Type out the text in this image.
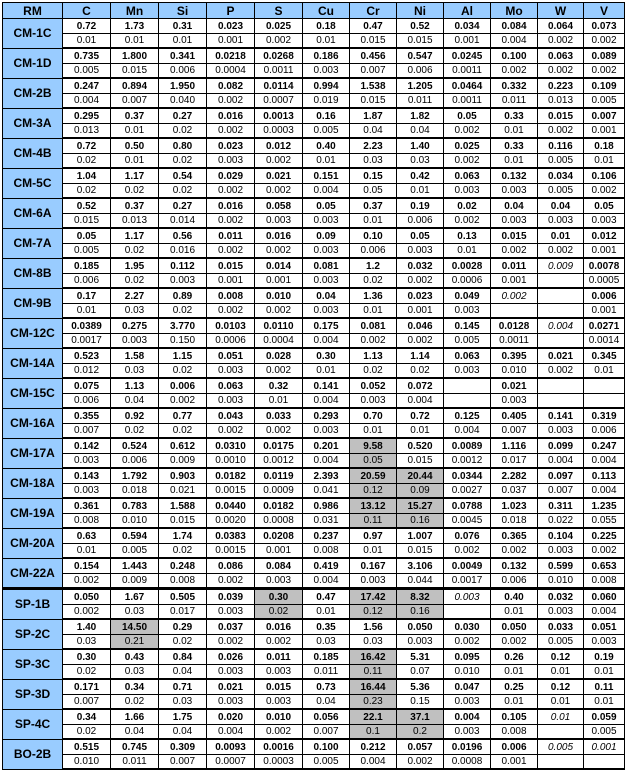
RM	C	Mn	Si	P	S	Cu	Cr	Ni	Al	Mo	W	V
CM-1C	0.72	1.73	0.31	0.023	0.025	0.18	0.47	0.52	0.034	0.084	0.064	0.073
	0.01	0.01	0.01	0.001	0.002	0.01	0.015	0.015	0.001	0.004	0.002	0.002
CM-1D	0.735	1.800	0.341	0.0218	0.0268	0.186	0.456	0.547	0.0245	0.100	0.063	0.089
	0.005	0.015	0.006	0.0004	0.0011	0.003	0.007	0.006	0.0011	0.002	0.002	0.002
CM-2B	0.247	0.894	1.950	0.082	0.0114	0.994	1.538	1.205	0.0464	0.332	0.223	0.109
	0.004	0.007	0.040	0.002	0.0007	0.019	0.015	0.011	0.0011	0.011	0.013	0.005
CM-3A	0.295	0.37	0.27	0.016	0.0013	0.16	1.87	1.82	0.05	0.33	0.015	0.007
	0.013	0.01	0.02	0.002	0.0003	0.005	0.04	0.04	0.002	0.01	0.002	0.001
CM-4B	0.72	0.50	0.80	0.023	0.012	0.40	2.23	1.40	0.025	0.33	0.116	0.18
	0.02	0.01	0.02	0.003	0.002	0.01	0.03	0.03	0.002	0.01	0.005	0.01
CM-5C	1.04	1.17	0.54	0.029	0.021	0.151	0.15	0.42	0.063	0.132	0.034	0.106
	0.02	0.02	0.02	0.002	0.002	0.004	0.05	0.01	0.003	0.003	0.005	0.002
CM-6A	0.52	0.37	0.27	0.016	0.058	0.05	0.37	0.19	0.02	0.04	0.04	0.05
	0.015	0.013	0.014	0.002	0.003	0.003	0.01	0.006	0.002	0.003	0.003	0.003
CM-7A	0.05	1.17	0.56	0.011	0.016	0.09	0.10	0.05	0.13	0.015	0.01	0.012
	0.005	0.02	0.016	0.002	0.002	0.003	0.006	0.003	0.01	0.002	0.002	0.001
CM-8B	0.185	1.95	0.112	0.015	0.014	0.081	1.2	0.032	0.0028	0.011	0.009	0.0078
	0.006	0.02	0.003	0.001	0.001	0.003	0.02	0.002	0.0006	0.001		0.0005
CM-9B	0.17	2.27	0.89	0.008	0.010	0.04	1.36	0.023	0.049	0.002		0.006
	0.01	0.03	0.02	0.002	0.002	0.003	0.01	0.001	0.003			0.001
CM-12C	0.0389	0.275	3.770	0.0103	0.0110	0.175	0.081	0.046	0.145	0.0128	0.004	0.0271
	0.0017	0.003	0.150	0.0006	0.0004	0.004	0.002	0.002	0.005	0.0011		0.0014
CM-14A	0.523	1.58	1.15	0.051	0.028	0.30	1.13	1.14	0.063	0.395	0.021	0.345
	0.012	0.03	0.02	0.003	0.002	0.01	0.02	0.02	0.003	0.010	0.002	0.01
CM-15C	0.075	1.13	0.006	0.063	0.32	0.141	0.052	0.072		0.021		
	0.006	0.04	0.002	0.003	0.01	0.004	0.003	0.004		0.003		
CM-16A	0.355	0.92	0.77	0.043	0.033	0.293	0.70	0.72	0.125	0.405	0.141	0.319
	0.007	0.02	0.02	0.002	0.002	0.003	0.01	0.01	0.004	0.007	0.003	0.006
CM-17A	0.142	0.524	0.612	0.0310	0.0175	0.201	9.58	0.520	0.0089	1.116	0.099	0.247
	0.003	0.006	0.009	0.0010	0.0012	0.004	0.05	0.015	0.0012	0.017	0.004	0.004
CM-18A	0.143	1.792	0.903	0.0182	0.0119	2.393	20.59	20.44	0.0344	2.282	0.097	0.113
	0.003	0.018	0.021	0.0015	0.0009	0.041	0.12	0.09	0.0027	0.037	0.007	0.004
CM-19A	0.361	0.783	1.588	0.0440	0.0182	0.986	13.12	15.27	0.0788	1.023	0.311	1.235
	0.008	0.010	0.015	0.0020	0.0008	0.031	0.11	0.16	0.0045	0.018	0.022	0.055
CM-20A	0.63	0.594	1.74	0.0383	0.0208	0.237	0.97	1.007	0.076	0.365	0.104	0.225
	0.01	0.005	0.02	0.0015	0.001	0.008	0.01	0.015	0.002	0.002	0.003	0.002
CM-22A	0.154	1.443	0.248	0.086	0.084	0.419	0.167	3.106	0.0049	0.132	0.599	0.653
	0.002	0.009	0.008	0.002	0.003	0.004	0.003	0.044	0.0017	0.006	0.010	0.008
SP-1B	0.050	1.67	0.505	0.039	0.30	0.47	17.42	8.32	0.003	0.40	0.032	0.060
	0.002	0.03	0.017	0.003	0.02	0.01	0.12	0.16		0.01	0.003	0.004
SP-2C	1.40	14.50	0.29	0.037	0.016	0.35	1.56	0.050	0.030	0.050	0.033	0.051
	0.03	0.21	0.02	0.002	0.002	0.03	0.03	0.003	0.002	0.002	0.005	0.003
SP-3C	0.30	0.43	0.84	0.026	0.011	0.185	16.42	5.31	0.095	0.26	0.12	0.19
	0.02	0.03	0.04	0.003	0.003	0.011	0.11	0.07	0.010	0.01	0.01	0.01
SP-3D	0.171	0.34	0.71	0.021	0.015	0.73	16.44	5.36	0.047	0.25	0.12	0.11
	0.007	0.02	0.03	0.003	0.003	0.04	0.23	0.15	0.003	0.01	0.01	0.01
SP-4C	0.34	1.66	1.75	0.020	0.010	0.056	22.1	37.1	0.004	0.105	0.01	0.059
	0.02	0.04	0.04	0.004	0.002	0.007	0.1	0.2	0.003	0.008		0.005
BO-2B	0.515	0.745	0.309	0.0093	0.0016	0.100	0.212	0.057	0.0196	0.006	0.005	0.001
	0.010	0.011	0.007	0.0007	0.0003	0.005	0.004	0.002	0.0008	0.001		
